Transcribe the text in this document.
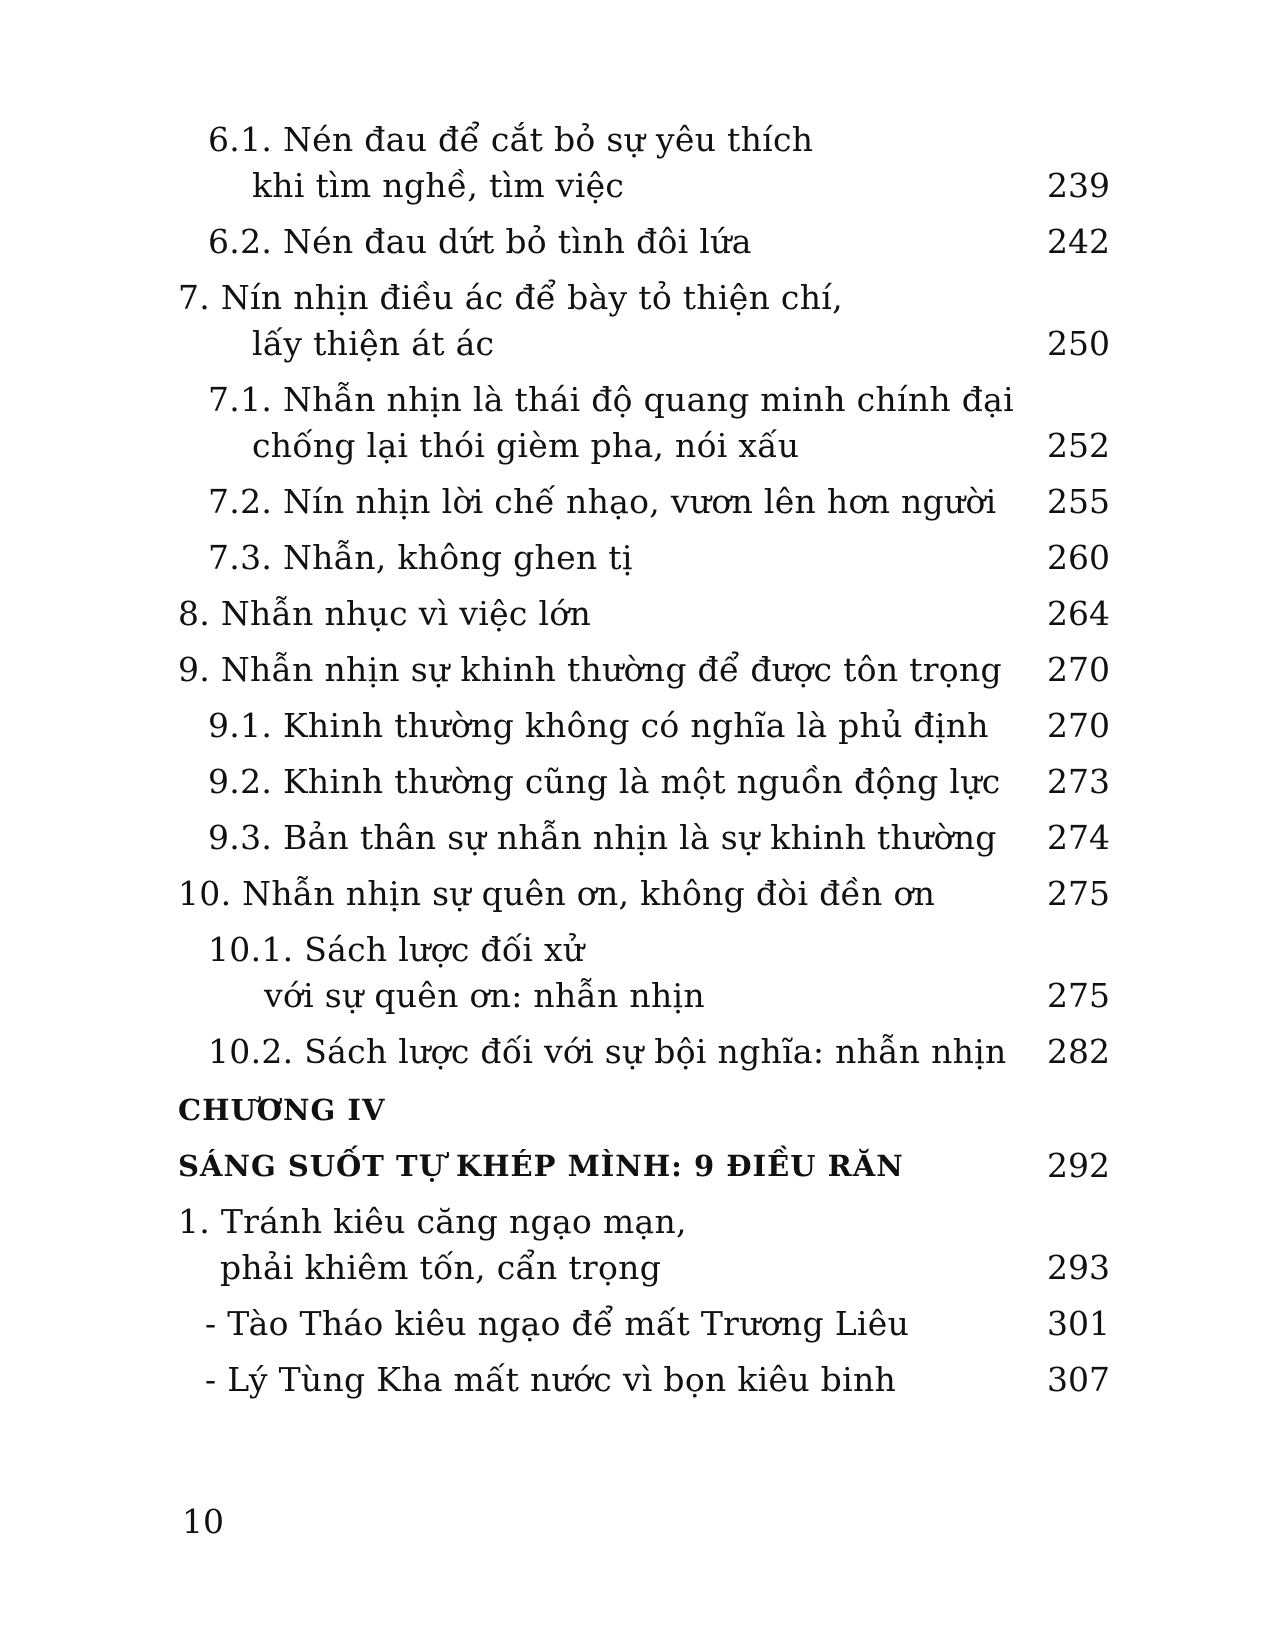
6.1. Nén đau để cắt bỏ sự yêu thích
khi tìm nghề, tìm việc	239
6.2. Nén đau dứt bỏ tình đôi lứa	242
7. Nín nhịn điều ác để bày tỏ thiện chí,
lấy thiện át ác	250
7.1. Nhẫn nhịn là thái độ quang minh chính đại
chống lại thói gièm pha, nói xấu	252
7.2. Nín nhịn lời chế nhạo, vươn lên hơn người	255
7.3. Nhẫn, không ghen tị	260
8. Nhẫn nhục vì việc lớn	264
9. Nhẫn nhịn sự khinh thường để được tôn trọng	270
9.1. Khinh thường không có nghĩa là phủ định	270
9.2. Khinh thường cũng là một nguồn động lực	273
9.3. Bản thân sự nhẫn nhịn là sự khinh thường	274
10. Nhẫn nhịn sự quên ơn, không đòi đền ơn	275
10.1. Sách lược đối xử
với sự quên ơn: nhẫn nhịn	275
10.2. Sách lược đối với sự bội nghĩa: nhẫn nhịn	282
CHƯƠNG IV
SÁNG SUỐT TỰ KHÉP MÌNH: 9 ĐIỀU RĂN	292
1. Tránh kiêu căng ngạo mạn,
phải khiêm tốn, cẩn trọng	293
- Tào Tháo kiêu ngạo để mất Trương Liêu	301
- Lý Tùng Kha mất nước vì bọn kiêu binh	307
10
